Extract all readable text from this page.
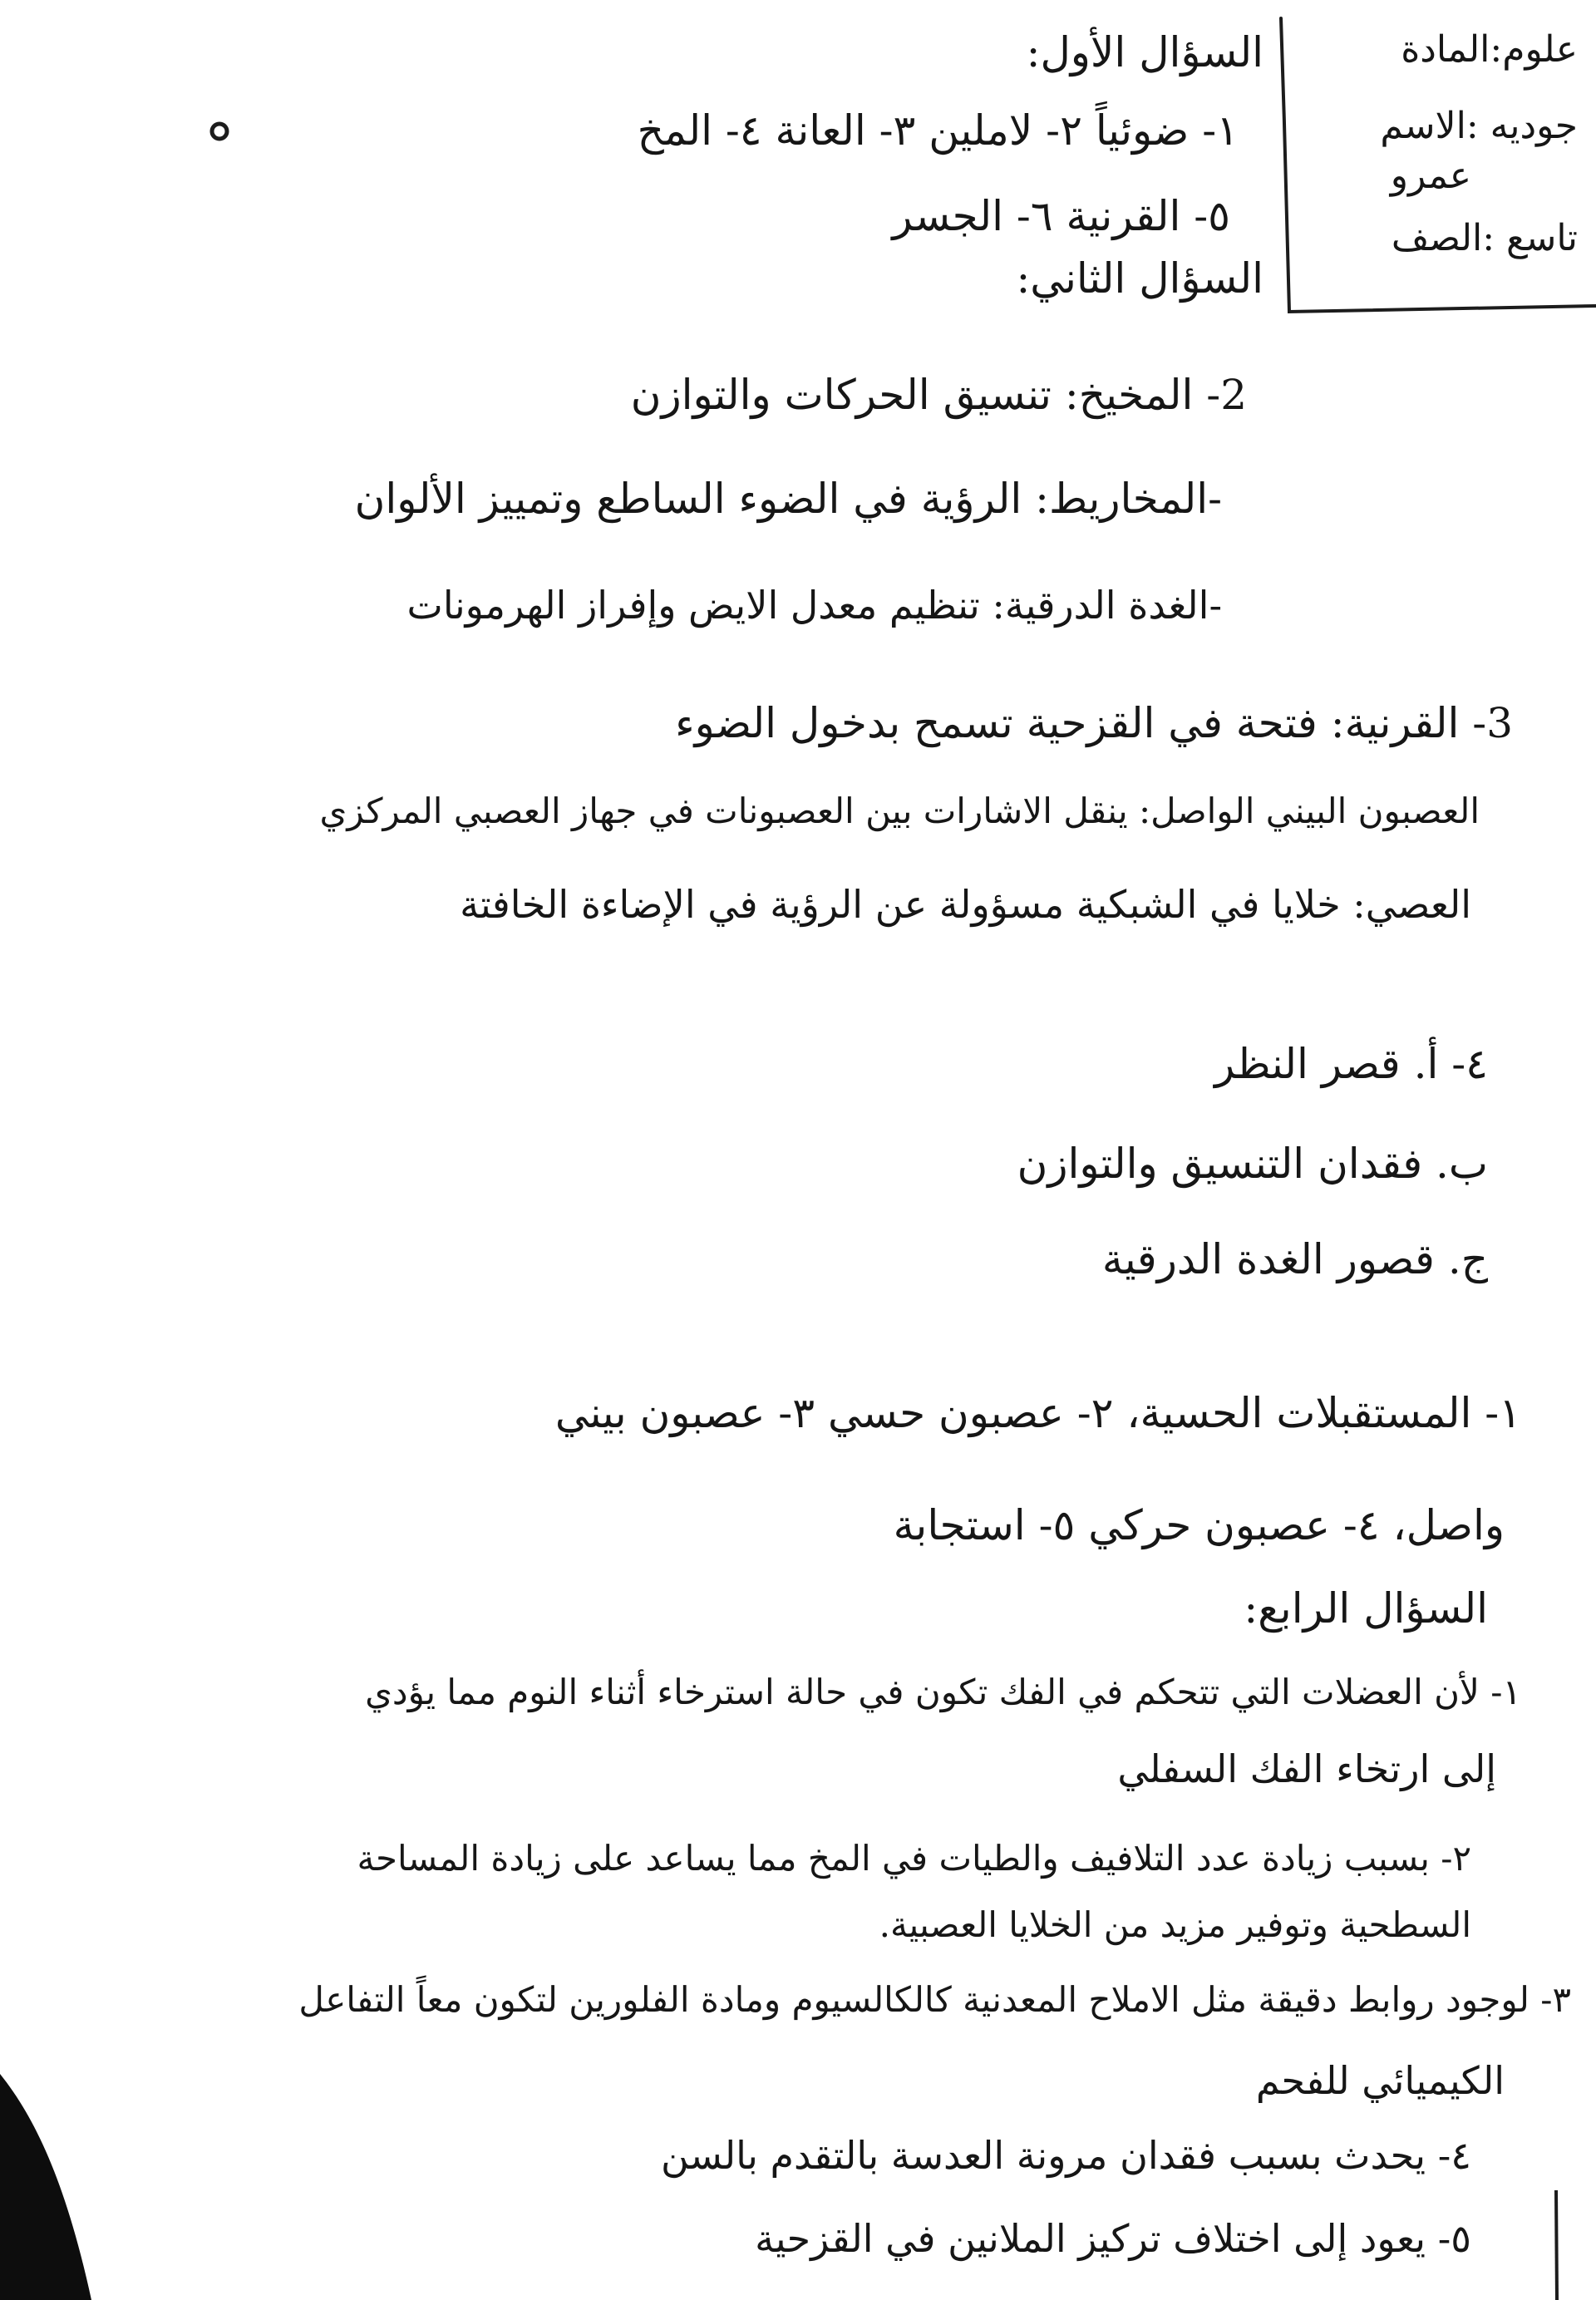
علوم:المادة
جوديه :الاسم
عمرو
تاسع :الصف
السؤال الأول:
١- ضوئياً ٢- لاملين ٣- العانة ٤- المخ
٥- القرنية ٦- الجسر
السؤال الثاني:
2- المخيخ: تنسيق الحركات والتوازن
-المخاريط: الرؤية في الضوء الساطع وتمييز الألوان
-الغدة الدرقية: تنظيم معدل الايض وإفراز الهرمونات
3- القرنية: فتحة في القزحية تسمح بدخول الضوء
العصبون البيني الواصل: ينقل الاشارات بين العصبونات في جهاز العصبي المركزي
العصي: خلايا في الشبكية مسؤولة عن الرؤية في الإضاءة الخافتة
٤- أ. قصر النظر
ب. فقدان التنسيق والتوازن
ج. قصور الغدة الدرقية
١- المستقبلات الحسية، ٢- عصبون حسي ٣- عصبون بيني
واصل، ٤- عصبون حركي ٥- استجابة
السؤال الرابع:
١- لأن العضلات التي تتحكم في الفك تكون في حالة استرخاء أثناء النوم مما يؤدي
إلى ارتخاء الفك السفلي
٢- بسبب زيادة عدد التلافيف والطيات في المخ مما يساعد على زيادة المساحة
السطحية وتوفير مزيد من الخلايا العصبية.
٣- لوجود روابط دقيقة مثل الاملاح المعدنية كالكالسيوم ومادة الفلورين لتكون معاً التفاعل
الكيميائي للفحم
٤- يحدث بسبب فقدان مرونة العدسة بالتقدم بالسن
٥- يعود إلى اختلاف تركيز الملانين في القزحية
